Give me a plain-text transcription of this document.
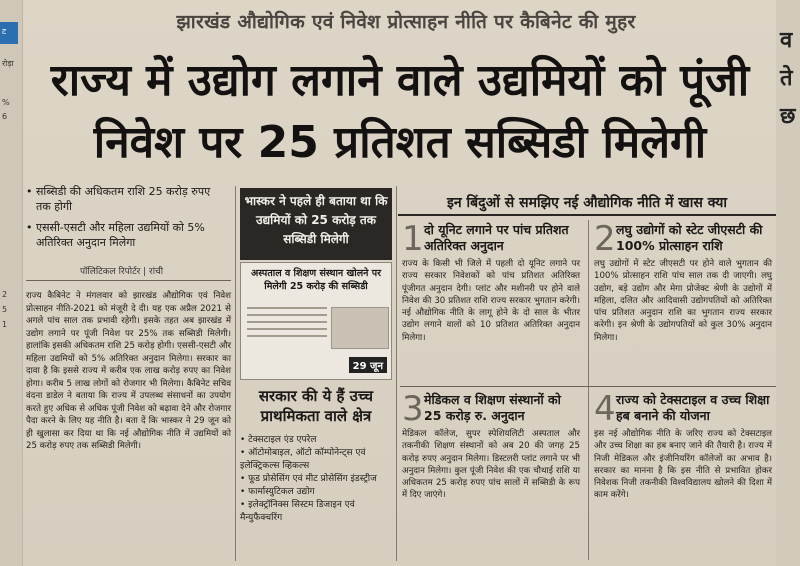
ट
रोड़ा
%
6
2
5
1
व
ते
छ
झारखंड औद्योगिक एवं निवेश प्रोत्साहन नीति पर कैबिनेट की मुहर
राज्य में उद्योग लगाने वाले उद्यमियों को पूंजी निवेश पर 25 प्रतिशत सब्सिडी मिलेगी
• सब्सिडी की अधिकतम राशि 25 करोड़ रुपए तक होगी
• एससी-एसटी और महिला उद्यमियों को 5% अतिरिक्त अनुदान मिलेगा
पॉलिटिकल रिपोर्टर | रांची
राज्य कैबिनेट ने मंगलवार को झारखंड औद्योगिक एवं निवेश प्रोत्साहन नीति-2021 को मंजूरी दे दी। यह एक अप्रैल 2021 से अगले पांच साल तक प्रभावी रहेगी। इसके तहत अब झारखंड में उद्योग लगाने पर पूंजी निवेश पर 25% तक सब्सिडी मिलेगी। हालांकि इसकी अधिकतम राशि 25 करोड़ होगी। एससी-एसटी और महिला उद्यमियों को 5% अतिरिक्त अनुदान मिलेगा। सरकार का दावा है कि इससे राज्य में करीब एक लाख करोड़ रुपए का निवेश होगा। करीब 5 लाख लोगों को रोजगार भी मिलेगा। कैबिनेट सचिव वंदना डाडेल ने बताया कि राज्य में उपलब्ध संसाधनों का उपयोग करते हुए अधिक से अधिक पूंजी निवेश को बढ़ावा देने और रोजगार पैदा करने के लिए यह नीति है। बता दें कि भास्कर ने 29 जून को ही खुलासा कर दिया था कि नई औद्योगिक नीति में उद्यमियों को 25 करोड़ रुपए तक सब्सिडी मिलेगी।
भास्कर ने पहले ही बताया था कि उद्यमियों को 25 करोड़ तक सब्सिडी मिलेगी
अस्पताल व शिक्षण संस्थान खोलने पर मिलेगी 25 करोड़ की सब्सिडी
29 जून
सरकार की ये हैं उच्च प्राथमिकता वाले क्षेत्र
• टेक्सटाइल एंड एपरेल
• ऑटोमोबाइल, ऑटो कॉम्पोनेन्ट्स एवं इलेक्ट्रिकल्स व्हिकल्स
• फूड प्रोसेसिंग एवं मीट प्रोसेसिंग इंडस्ट्रीज
• फार्मास्युटिकल उद्योग
• इलेक्ट्रॉनिक्स सिस्टम डिजाइन एवं मैन्युफैक्चरिंग
इन बिंदुओं से समझिए नई औद्योगिक नीति में खास क्या
1 दो यूनिट लगाने पर पांच प्रतिशत अतिरिक्त अनुदान
राज्य के किसी भी जिले में पहली दो यूनिट लगाने पर राज्य सरकार निवेशकों को पांच प्रतिशत अतिरिक्त पूंजीगत अनुदान देगी। प्लांट और मशीनरी पर होने वाले निवेश की 30 प्रतिशत राशि राज्य सरकार भुगतान करेगी। नई औद्योगिक नीति के लागू होने के दो साल के भीतर उद्योग लगाने वालों को 10 प्रतिशत अतिरिक्त अनुदान मिलेगा।
2 लघु उद्योगों को स्टेट जीएसटी की 100% प्रोत्साहन राशि
लघु उद्योगों में स्टेट जीएसटी पर होने वाले भुगतान की 100% प्रोत्साहन राशि पांच साल तक दी जाएगी। लघु उद्योग, बड़े उद्योग और मेगा प्रोजेक्ट श्रेणी के उद्योगों में महिला, दलित और आदिवासी उद्योगपतियों को अतिरिक्त पांच प्रतिशत अनुदान राशि का भुगतान राज्य सरकार करेगी। इन श्रेणी के उद्योगपतियों को कुल 30% अनुदान मिलेगा।
3 मेडिकल व शिक्षण संस्थानों को 25 करोड़ रु. अनुदान
मेडिकल कॉलेज, सुपर स्पेशियलिटी अस्पताल और तकनीकी शिक्षण संस्थानों को अब 20 की जगह 25 करोड़ रुपए अनुदान मिलेगा। डिस्टलरी प्लांट लगाने पर भी अनुदान मिलेगा। कुल पूंजी निवेश की एक चौथाई राशि या अधिकतम 25 करोड़ रुपए पांच सालों में सब्सिडी के रूप में दिए जाएंगे।
4 राज्य को टेक्सटाइल व उच्च शिक्षा हब बनाने की योजना
इस नई औद्योगिक नीति के जरिए राज्य को टेक्सटाइल और उच्च शिक्षा का हब बनाए जाने की तैयारी है। राज्य में निजी मेडिकल और इंजीनियरिंग कॉलेजों का अभाव है। सरकार का मानना है कि इस नीति से प्रभावित होकर निवेशक निजी तकनीकी विश्वविद्यालय खोलने की दिशा में काम करेंगे।
